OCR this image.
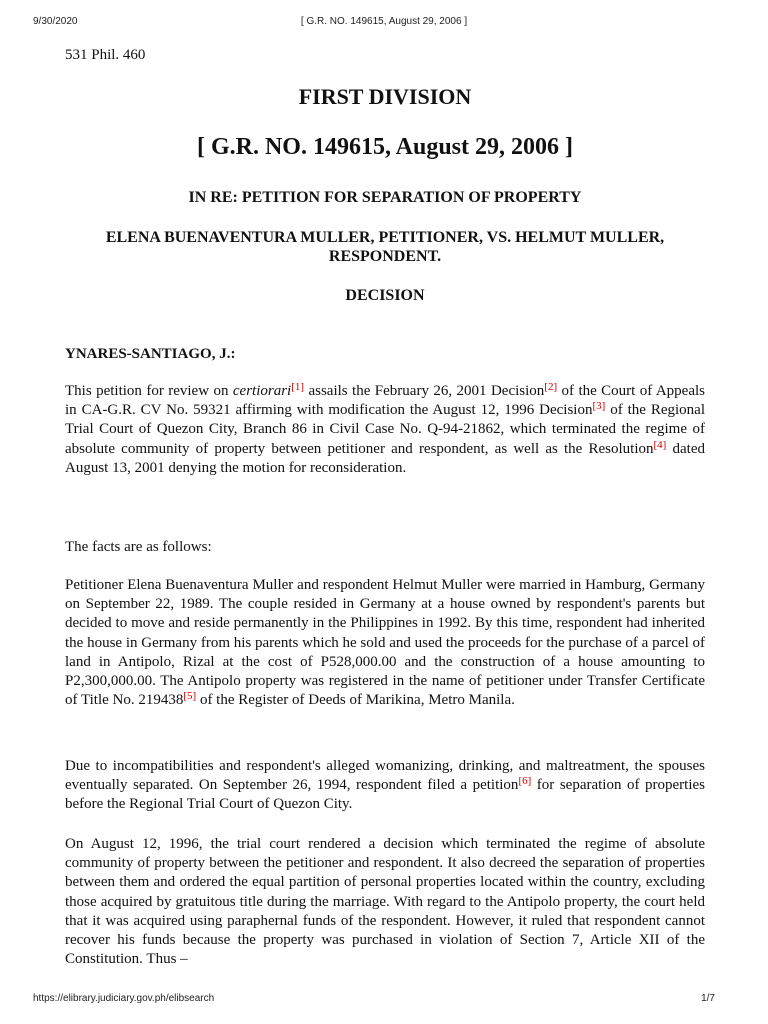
9/30/2020	[ G.R. NO. 149615, August 29, 2006 ]
531 Phil. 460
FIRST DIVISION
[ G.R. NO. 149615, August 29, 2006 ]
IN RE: PETITION FOR SEPARATION OF PROPERTY
ELENA BUENAVENTURA MULLER, PETITIONER, VS. HELMUT MULLER, RESPONDENT.
DECISION
YNARES-SANTIAGO, J.:

This petition for review on certiorari[1] assails the February 26, 2001 Decision[2] of the Court of Appeals in CA-G.R. CV No. 59321 affirming with modification the August 12, 1996 Decision[3] of the Regional Trial Court of Quezon City, Branch 86 in Civil Case No. Q-94-21862, which terminated the regime of absolute community of property between petitioner and respondent, as well as the Resolution[4] dated August 13, 2001 denying the motion for reconsideration.

The facts are as follows:

Petitioner Elena Buenaventura Muller and respondent Helmut Muller were married in Hamburg, Germany on September 22, 1989. The couple resided in Germany at a house owned by respondent's parents but decided to move and reside permanently in the Philippines in 1992. By this time, respondent had inherited the house in Germany from his parents which he sold and used the proceeds for the purchase of a parcel of land in Antipolo, Rizal at the cost of P528,000.00 and the construction of a house amounting to P2,300,000.00. The Antipolo property was registered in the name of petitioner under Transfer Certificate of Title No. 219438[5] of the Register of Deeds of Marikina, Metro Manila.

Due to incompatibilities and respondent's alleged womanizing, drinking, and maltreatment, the spouses eventually separated. On September 26, 1994, respondent filed a petition[6] for separation of properties before the Regional Trial Court of Quezon City.

On August 12, 1996, the trial court rendered a decision which terminated the regime of absolute community of property between the petitioner and respondent. It also decreed the separation of properties between them and ordered the equal partition of personal properties located within the country, excluding those acquired by gratuitous title during the marriage. With regard to the Antipolo property, the court held that it was acquired using paraphernal funds of the respondent. However, it ruled that respondent cannot recover his funds because the property was purchased in violation of Section 7, Article XII of the Constitution. Thus –

https://elibrary.judiciary.gov.ph/elibsearch	1/7
